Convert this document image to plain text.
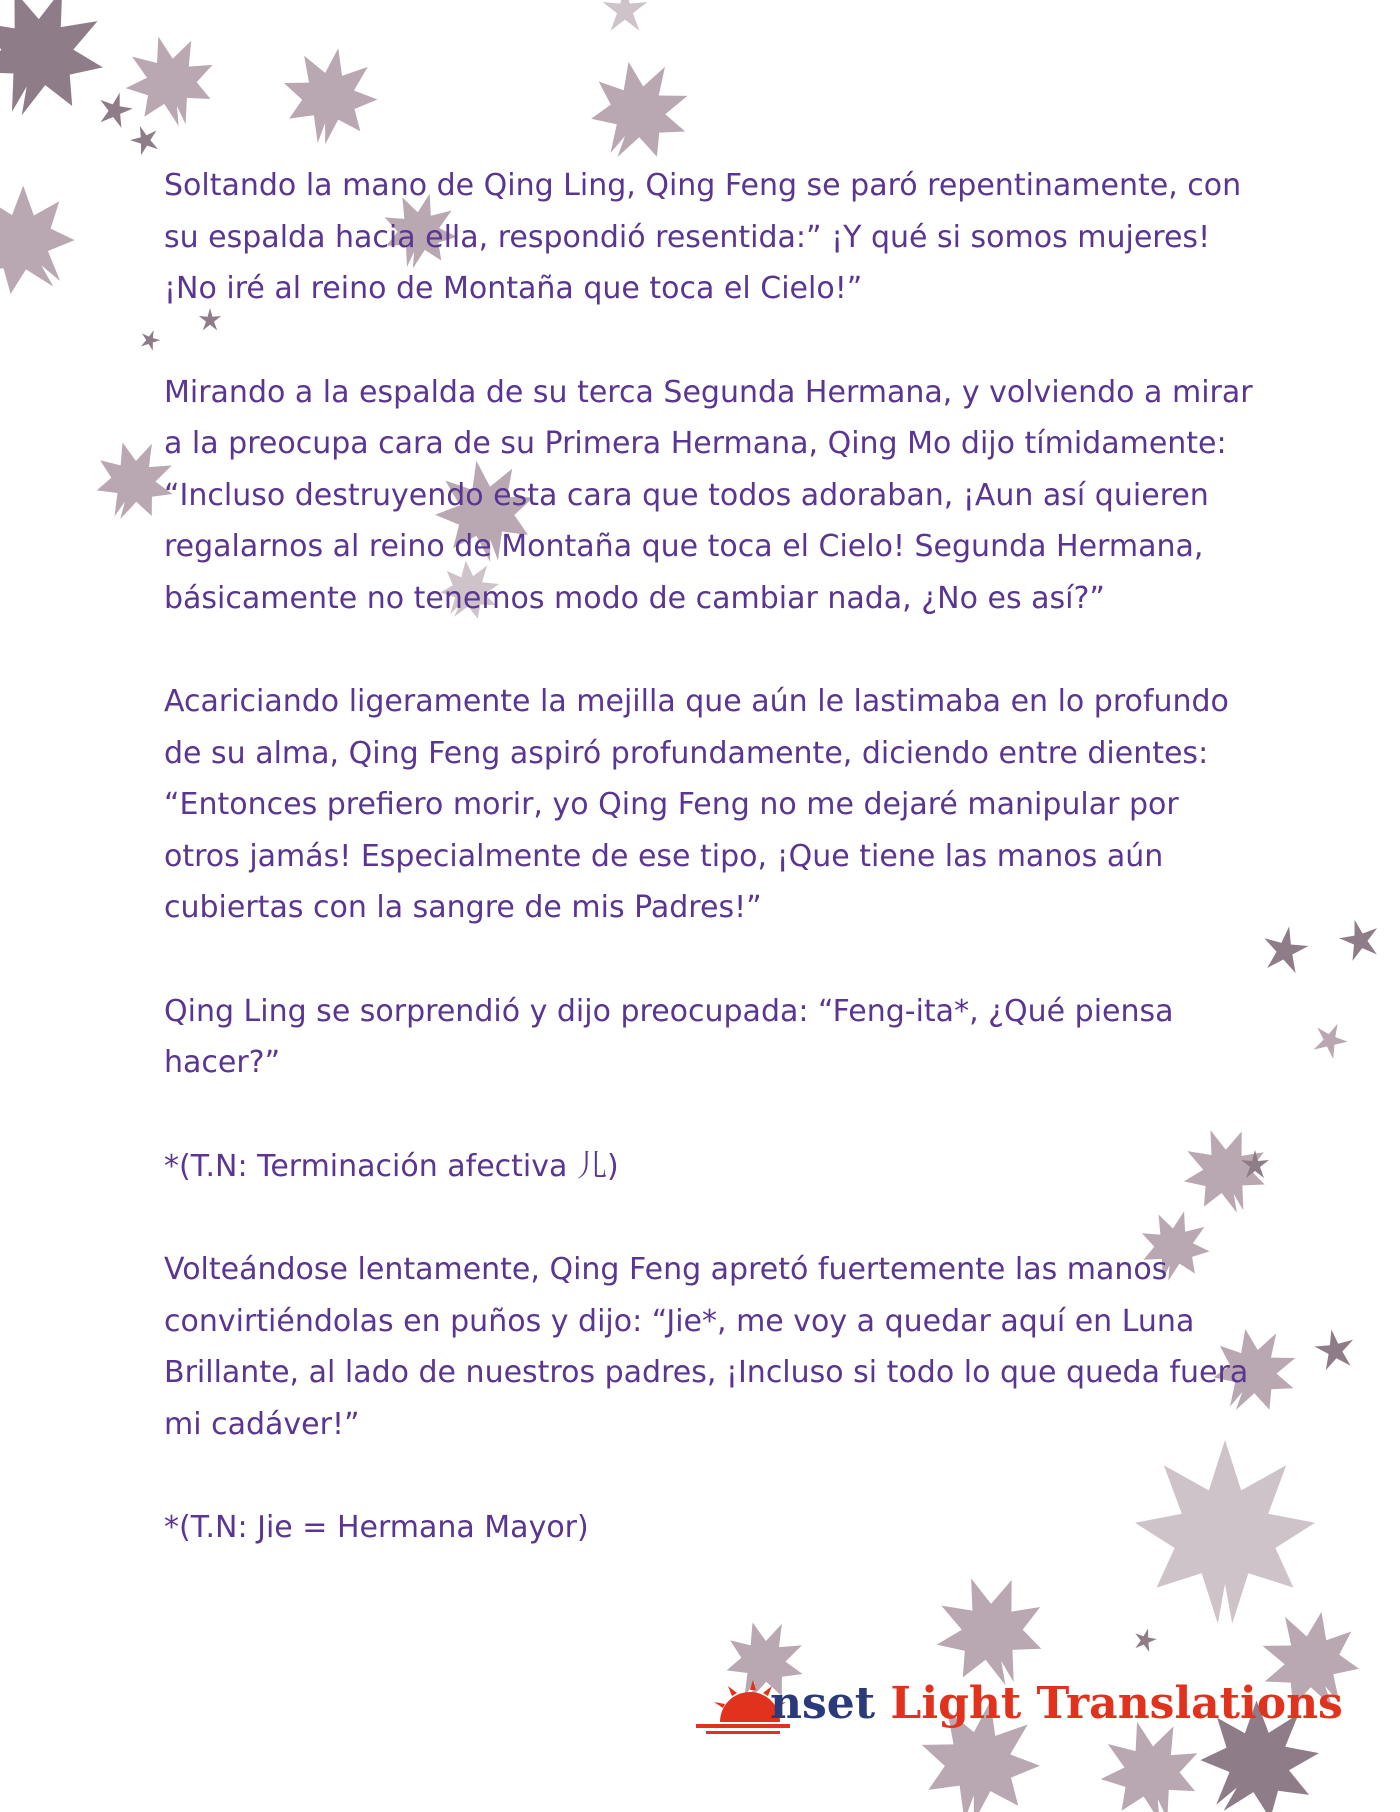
Soltando la mano de Qing Ling, Qing Feng se paró repentinamente, con
su espalda hacia ella, respondió resentida:” ¡Y qué si somos mujeres!
¡No iré al reino de Montaña que toca el Cielo!”

Mirando a la espalda de su terca Segunda Hermana, y volviendo a mirar
a la preocupa cara de su Primera Hermana, Qing Mo dijo tímidamente:
“Incluso destruyendo esta cara que todos adoraban, ¡Aun así quieren
regalarnos al reino de Montaña que toca el Cielo! Segunda Hermana,
básicamente no tenemos modo de cambiar nada, ¿No es así?”

Acariciando ligeramente la mejilla que aún le lastimaba en lo profundo
de su alma, Qing Feng aspiró profundamente, diciendo entre dientes:
“Entonces prefiero morir, yo Qing Feng no me dejaré manipular por
otros jamás! Especialmente de ese tipo, ¡Que tiene las manos aún
cubiertas con la sangre de mis Padres!”

Qing Ling se sorprendió y dijo preocupada: “Feng-ita*, ¿Qué piensa
hacer?”

*(T.N: Terminación afectiva 儿)

Volteándose lentamente, Qing Feng apretó fuertemente las manos
convirtiéndolas en puños y dijo: “Jie*, me voy a quedar aquí en Luna
Brillante, al lado de nuestros padres, ¡Incluso si todo lo que queda fuera
mi cadáver!”

*(T.N: Jie = Hermana Mayor)

nset Light Translations
